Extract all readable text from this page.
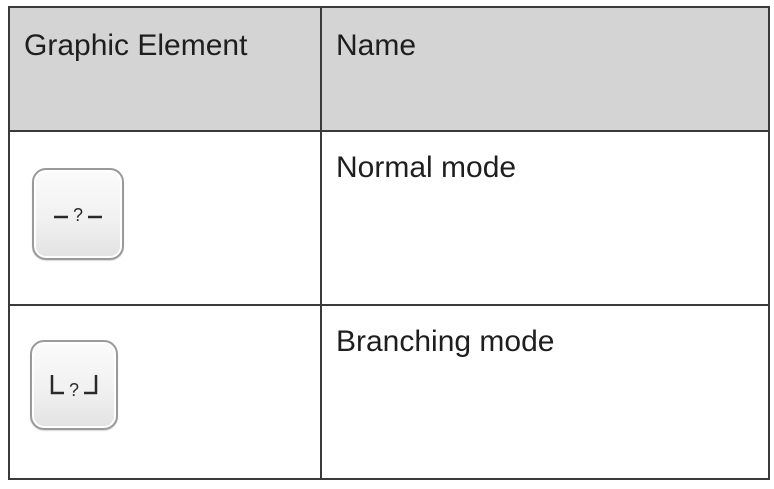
Graphic Element	Name

?	Normal mode

?	Branching mode
